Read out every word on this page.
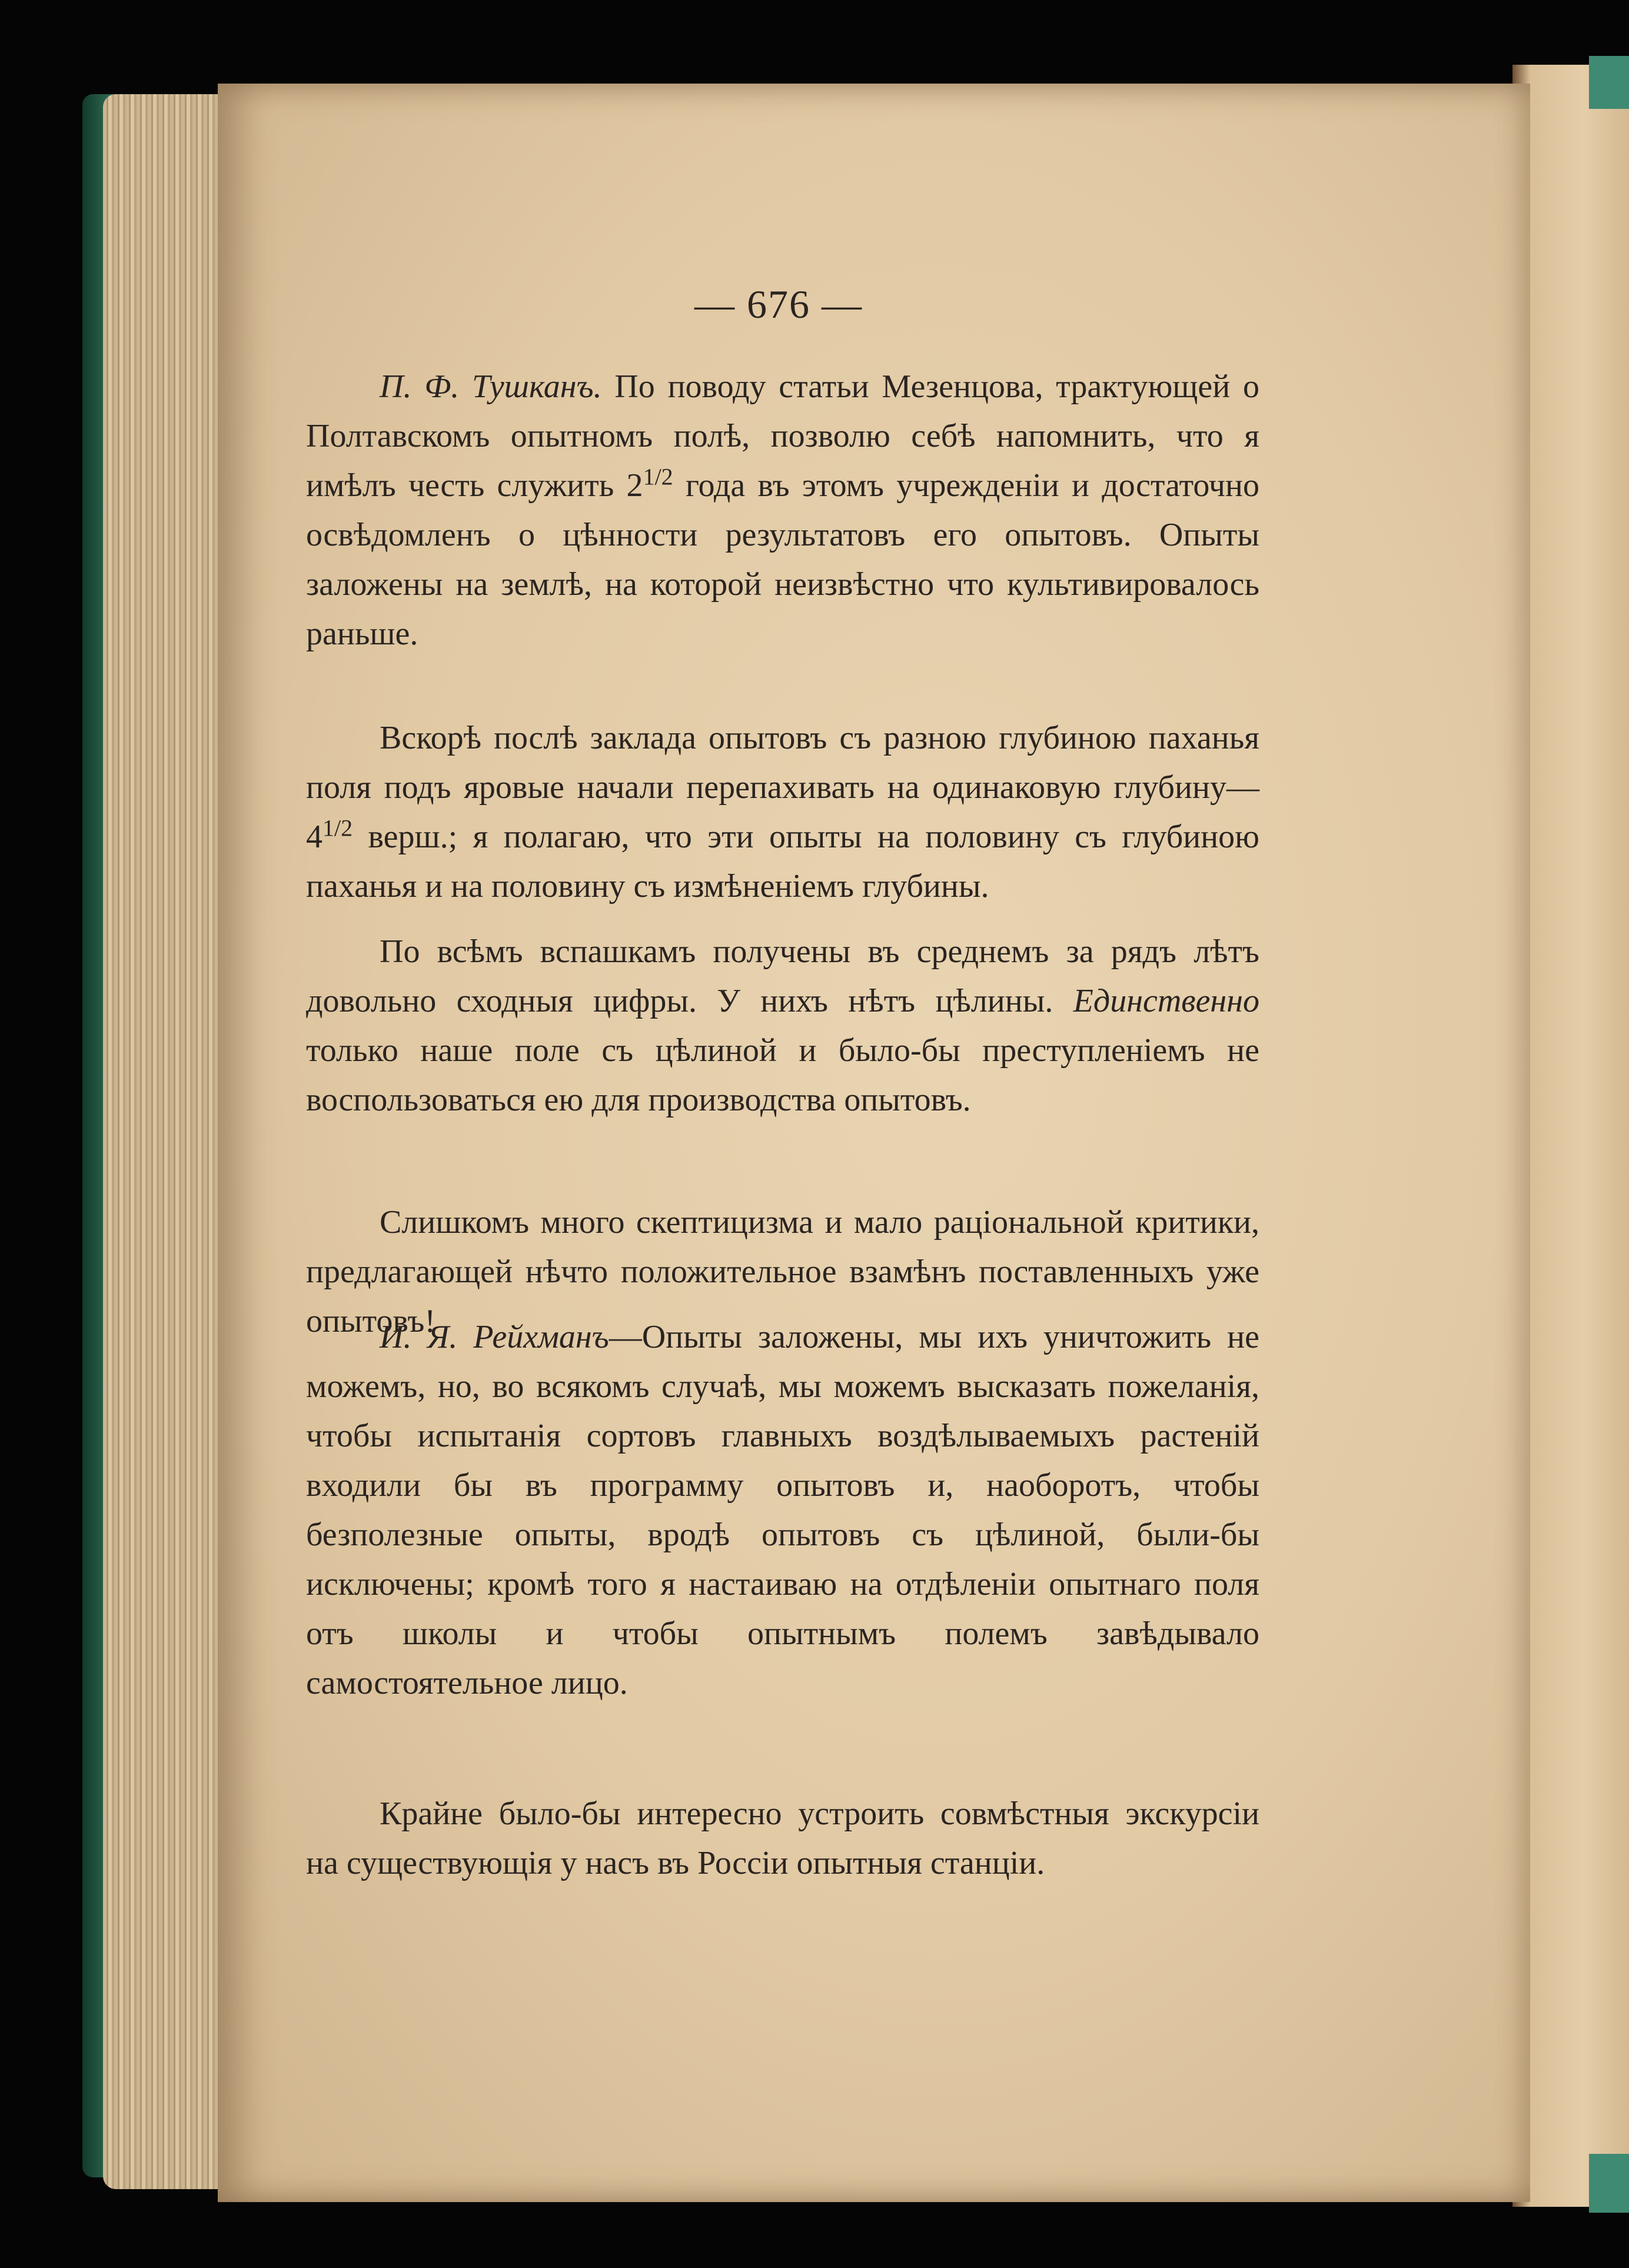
— 676 —

П. Ф. Тушканъ. По поводу статьи Мезенцова, трактующей о Полтавскомъ опытномъ полѣ, позволю себѣ напомнить, что я имѣлъ честь служить $2^{1/2}$ года въ этомъ учрежденіи и достаточно освѣдомленъ о цѣнности результатовъ его опытовъ. Опыты заложены на землѣ, на которой неизвѣстно что культивировалось раньше.

Вскорѣ послѣ заклада опытовъ съ разною глубиною паханья поля подъ яровые начали перепахивать на одинаковую $глубину—4^{1/2}$ верш.; я полагаю, что эти опыты на половину съ глубиною паханья и на половину съ измѣненіемъ глубины.

По всѣмъ вспашкамъ получены въ среднемъ за рядъ лѣтъ довольно сходныя цифры. У нихъ нѣтъ цѣлины. Единственно только наше поле съ цѣлиной и было-бы преступленіемъ не воспользоваться ею для производства опытовъ.

Слишкомъ много скептицизма и мало раціональной критики, предлагающей нѣчто положительное взамѣнъ поставленныхъ уже опытовъ!

И. Я. Рейхманъ—Опыты заложены, мы ихъ уничтожить не можемъ, но, во всякомъ случаѣ, мы можемъ высказать пожеланія, чтобы испытанія сортовъ главныхъ воздѣлываемыхъ растеній входили бы въ программу опытовъ и, наоборотъ, чтобы безполезные опыты, вродѣ опытовъ съ цѣлиной, были-бы исключены; кромѣ того я настаиваю на отдѣленіи опытнаго поля отъ школы и чтобы опытнымъ полемъ завѣдывало самостоятельное лицо.

Крайне было-бы интересно устроить совмѣстныя экскурсіи на существующія у насъ въ Россіи опытныя станціи.
